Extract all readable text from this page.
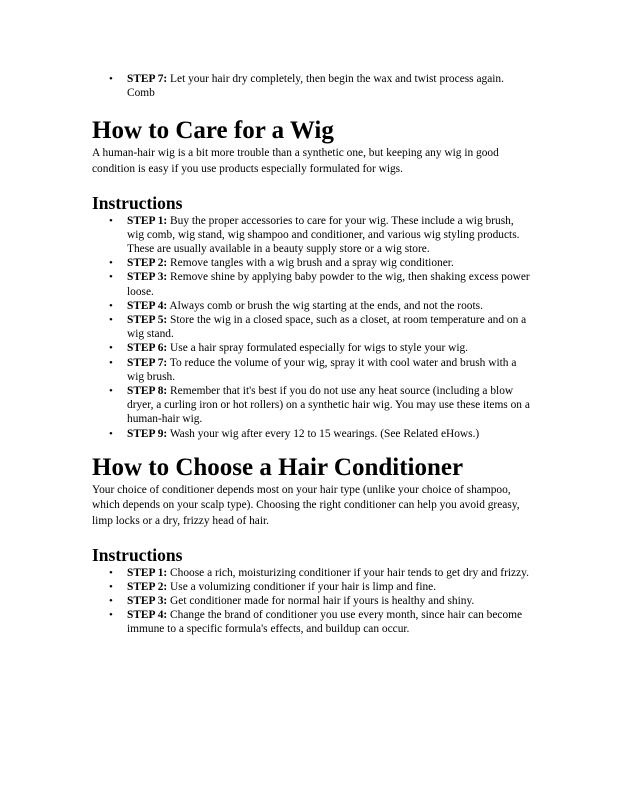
• STEP 7: Let your hair dry completely, then begin the wax and twist process again. Comb
How to Care for a Wig

A human-hair wig is a bit more trouble than a synthetic one, but keeping any wig in good condition is easy if you use products especially formulated for wigs.

Instructions
• STEP 1: Buy the proper accessories to care for your wig. These include a wig brush, wig comb, wig stand, wig shampoo and conditioner, and various wig styling products. These are usually available in a beauty supply store or a wig store.
• STEP 2: Remove tangles with a wig brush and a spray wig conditioner.
• STEP 3: Remove shine by applying baby powder to the wig, then shaking excess power loose.
• STEP 4: Always comb or brush the wig starting at the ends, and not the roots.
• STEP 5: Store the wig in a closed space, such as a closet, at room temperature and on a wig stand.
• STEP 6: Use a hair spray formulated especially for wigs to style your wig.
• STEP 7: To reduce the volume of your wig, spray it with cool water and brush with a wig brush.
• STEP 8: Remember that it's best if you do not use any heat source (including a blow dryer, a curling iron or hot rollers) on a synthetic hair wig. You may use these items on a human-hair wig.
• STEP 9: Wash your wig after every 12 to 15 wearings. (See Related eHows.)
How to Choose a Hair Conditioner

Your choice of conditioner depends most on your hair type (unlike your choice of shampoo, which depends on your scalp type). Choosing the right conditioner can help you avoid greasy, limp locks or a dry, frizzy head of hair.

Instructions
• STEP 1: Choose a rich, moisturizing conditioner if your hair tends to get dry and frizzy.
• STEP 2: Use a volumizing conditioner if your hair is limp and fine.
• STEP 3: Get conditioner made for normal hair if yours is healthy and shiny.
• STEP 4: Change the brand of conditioner you use every month, since hair can become immune to a specific formula's effects, and buildup can occur.
